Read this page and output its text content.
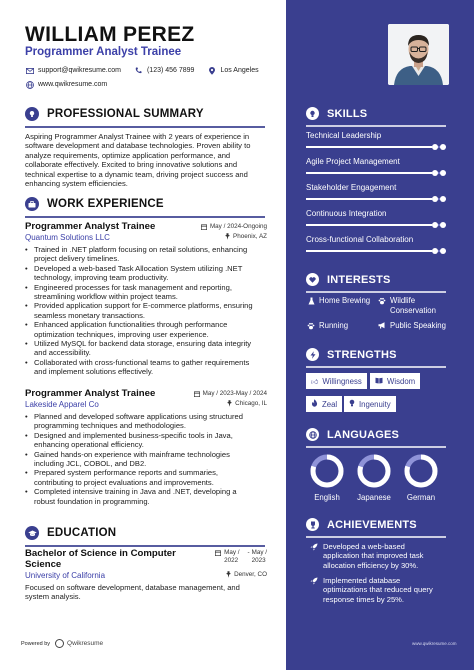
WILLIAM PEREZ
Programmer Analyst Trainee
support@qwikresume.com	(123) 456 7899	Los Angeles
www.qwikresume.com
PROFESSIONAL SUMMARY
Aspiring Programmer Analyst Trainee with 2 years of experience in
software development and database technologies. Proven ability to
analyze requirements, optimize application performance, and
collaborate effectively. Excited to bring innovative solutions and
technical expertise to a dynamic team, driving project success and
enhancing system efficiencies.
WORK EXPERIENCE
Programmer Analyst Trainee	May / 2024-Ongoing
Quantum Solutions LLC	Phoenix, AZ
• Trained in .NET platform focusing on retail solutions, enhancing
project delivery timelines.
• Developed a web-based Task Allocation System utilizing .NET
technology, improving team productivity.
• Engineered processes for task management and reporting,
streamlining workflow within project teams.
• Provided application support for E-commerce platforms, ensuring
seamless monetary transactions.
• Enhanced application functionalities through performance
optimization techniques, improving user experience.
• Utilized MySQL for backend data storage, ensuring data integrity
and accessibility.
• Collaborated with cross-functional teams to gather requirements
and implement solutions effectively.
Programmer Analyst Trainee	May / 2023-May / 2024
Lakeside Apparel Co	Chicago, IL
• Planned and developed software applications using structured
programming techniques and methodologies.
• Designed and implemented business-specific tools in Java,
enhancing operational efficiency.
• Gained hands-on experience with mainframe technologies
including JCL, COBOL, and DB2.
• Prepared system performance reports and summaries,
contributing to project evaluations and improvements.
• Completed intensive training in Java and .NET, developing a
robust foundation in programming.
EDUCATION
Bachelor of Science in Computer
Science
May /
2022
- May /
2023
University of California	Denver, CO
Focused on software development, database management, and
system analysis.
Powered by	Qwikresume	www.qwikresume.com
SKILLS
Technical Leadership
Agile Project Management
Stakeholder Engagement
Continuous Integration
Cross-functional Collaboration
INTERESTS
Home Brewing	Wildlife
Conservation
Running	Public Speaking
STRENGTHS
👍︎ Willingness	Wisdom
Zeal	Ingenuity
LANGUAGES
English	Japanese	German
ACHIEVEMENTS
Developed a web-based
application that improved task
allocation efficiency by 30%.
Implemented database
optimizations that reduced query
response times by 25%.
